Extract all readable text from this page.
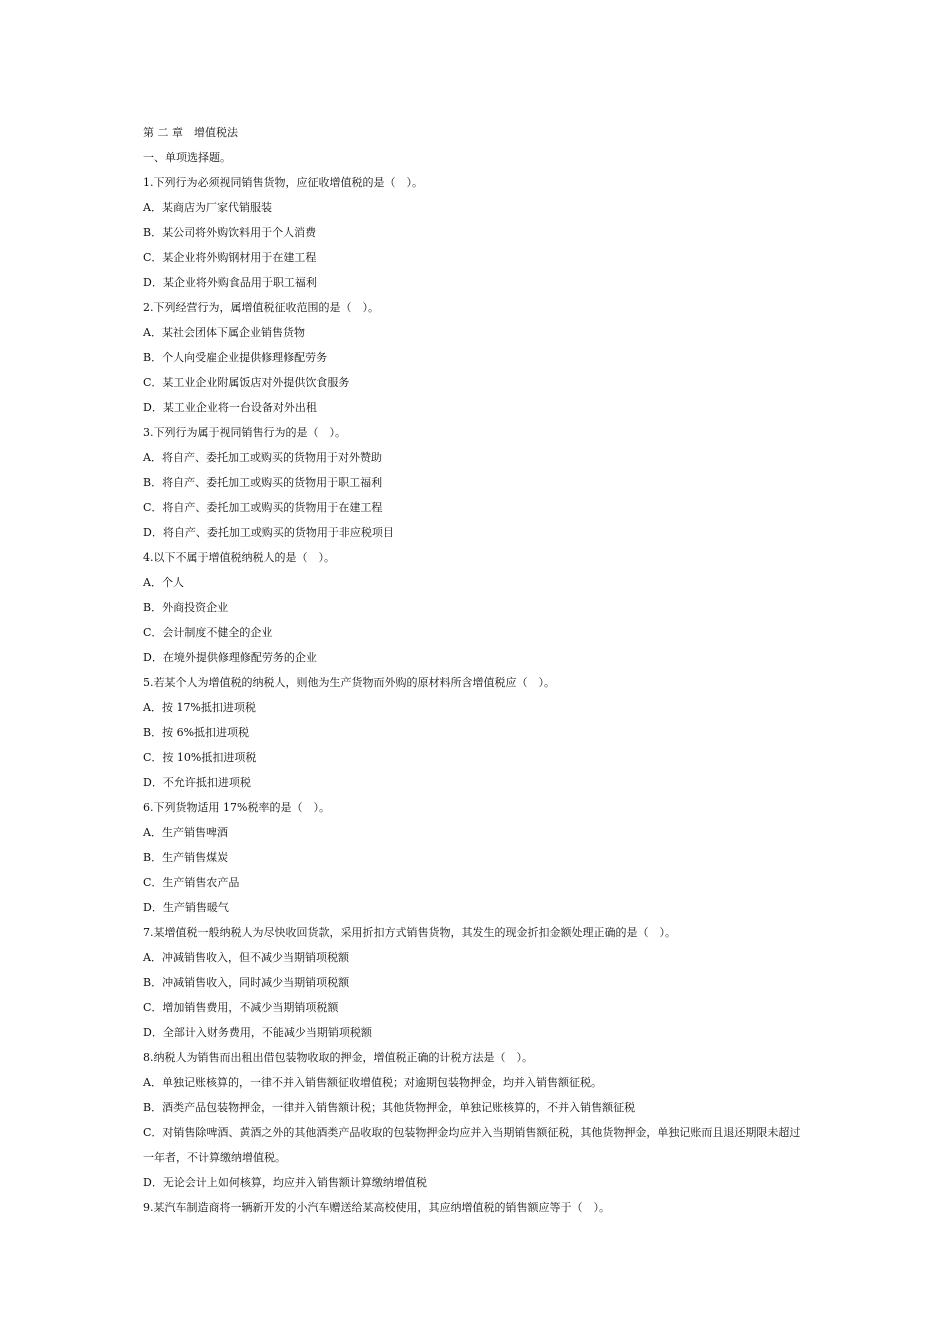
第 二 章　增值税法
一、单项选择题。
1.下列行为必须视同销售货物，应征收增值税的是（　）。
A．某商店为厂家代销服装
B．某公司将外购饮料用于个人消费
C．某企业将外购钢材用于在建工程
D．某企业将外购食品用于职工福利
2.下列经营行为，属增值税征收范围的是（　）。
A．某社会团体下属企业销售货物
B．个人向受雇企业提供修理修配劳务
C．某工业企业附属饭店对外提供饮食服务
D．某工业企业将一台设备对外出租
3.下列行为属于视同销售行为的是（　）。
A．将自产、委托加工或购买的货物用于对外赞助
B．将自产、委托加工或购买的货物用于职工福利
C．将自产、委托加工或购买的货物用于在建工程
D．将自产、委托加工或购买的货物用于非应税项目
4.以下不属于增值税纳税人的是（　）。
A．个人
B．外商投资企业
C．会计制度不健全的企业
D．在境外提供修理修配劳务的企业
5.若某个人为增值税的纳税人，则他为生产货物而外购的原材料所含增值税应（　）。
A．按 17%抵扣进项税
B．按 6%抵扣进项税
C．按 10%抵扣进项税
D．不允许抵扣进项税
6.下列货物适用 17%税率的是（　）。
A．生产销售啤酒
B．生产销售煤炭
C．生产销售农产品
D．生产销售暖气
7.某增值税一般纳税人为尽快收回货款，采用折扣方式销售货物，其发生的现金折扣金额处理正确的是（　）。
A．冲减销售收入，但不减少当期销项税额
B．冲减销售收入，同时减少当期销项税额
C．增加销售费用，不减少当期销项税额
D．全部计入财务费用，不能减少当期销项税额
8.纳税人为销售而出租出借包装物收取的押金，增值税正确的计税方法是（　）。
A．单独记账核算的，一律不并入销售额征收增值税；对逾期包装物押金，均并入销售额征税。
B．酒类产品包装物押金，一律并入销售额计税；其他货物押金，单独记账核算的，不并入销售额征税
C．对销售除啤酒、黄酒之外的其他酒类产品收取的包装物押金均应并入当期销售额征税，其他货物押金，单独记账而且退还期限未超过
一年者，不计算缴纳增值税。
D．无论会计上如何核算，均应并入销售额计算缴纳增值税
9.某汽车制造商将一辆新开发的小汽车赠送给某高校使用，其应纳增值税的销售额应等于（　）。
